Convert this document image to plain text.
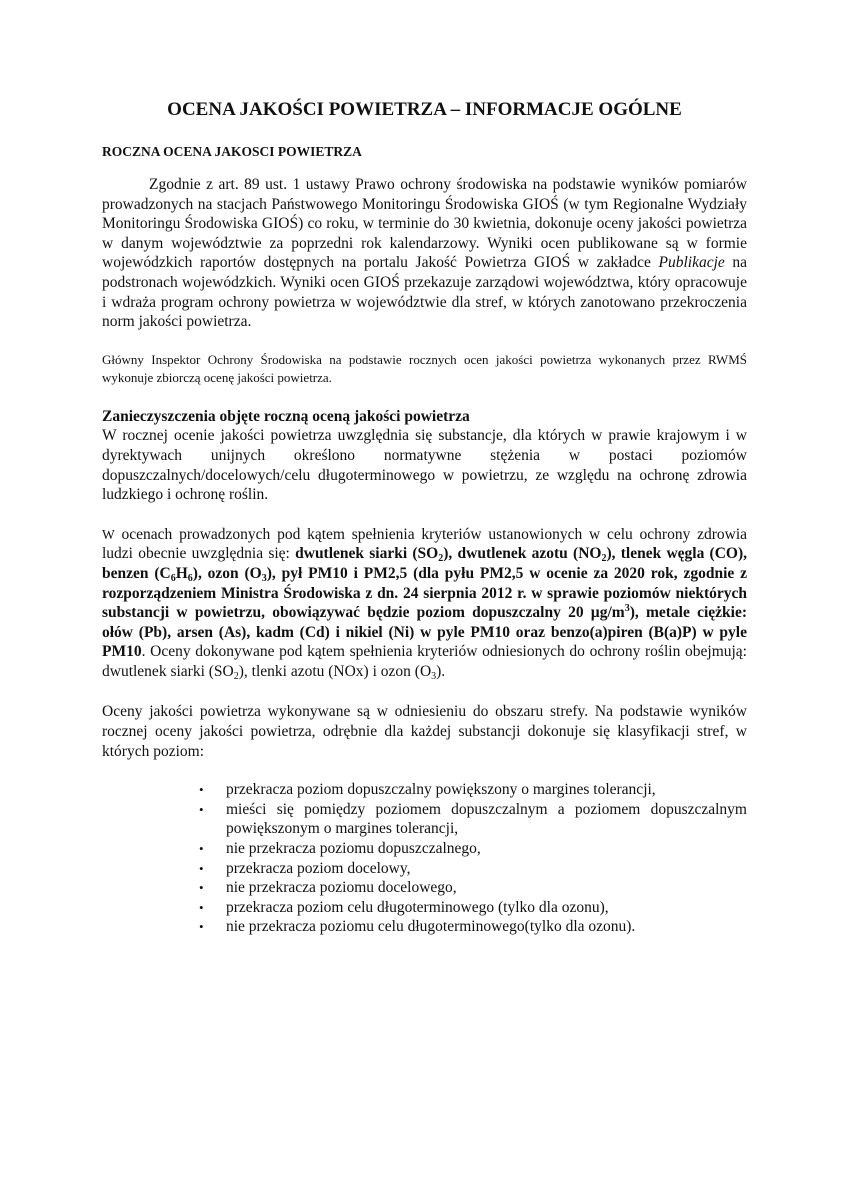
OCENA JAKOŚCI POWIETRZA – INFORMACJE OGÓLNE
ROCZNA OCENA JAKOSCI POWIETRZA

Zgodnie z art. 89 ust. 1 ustawy Prawo ochrony środowiska na podstawie wyników pomiarów prowadzonych na stacjach Państwowego Monitoringu Środowiska GIOŚ (w tym Regionalne Wydziały Monitoringu Środowiska GIOŚ) co roku, w terminie do 30 kwietnia, dokonuje oceny jakości powietrza w danym województwie za poprzedni rok kalendarzowy. Wyniki ocen publikowane są w formie wojewódzkich raportów dostępnych na portalu Jakość Powietrza GIOŚ w zakładce Publikacje na podstronach wojewódzkich. Wyniki ocen GIOŚ przekazuje zarządowi województwa, który opracowuje i wdraża program ochrony powietrza w województwie dla stref, w których zanotowano przekroczenia norm jakości powietrza.

Główny Inspektor Ochrony Środowiska na podstawie rocznych ocen jakości powietrza wykonanych przez RWMŚ wykonuje zbiorczą ocenę jakości powietrza.

Zanieczyszczenia objęte roczną oceną jakości powietrza

W rocznej ocenie jakości powietrza uwzględnia się substancje, dla których w prawie krajowym i w dyrektywach unijnych określono normatywne stężenia w postaci poziomów dopuszczalnych/docelowych/celu długoterminowego w powietrzu, ze względu na ochronę zdrowia ludzkiego i ochronę roślin.

W ocenach prowadzonych pod kątem spełnienia kryteriów ustanowionych w celu ochrony zdrowia ludzi obecnie uwzględnia się: dwutlenek siarki $(SO_2)$, dwutlenek azotu $(NO_2)$, tlenek węgla (CO), benzen $(C_6H_6)$, ozon $(O_3)$, pył PM10 i PM2,5 (dla pyłu PM2,5 w ocenie za 2020 rok, zgodnie z rozporządzeniem Ministra Środowiska z dn. 24 sierpnia 2012 r. w sprawie poziomów niektórych substancji w powietrzu, obowiązywać będzie poziom dopuszczalny 20 $\mu g/m^3$), metale ciężkie: ołów (Pb), arsen (As), kadm (Cd) i nikiel (Ni) w pyle PM10 oraz benzo(a)piren (B(a)P) w pyle PM10. Oceny dokonywane pod kątem spełnienia kryteriów odniesionych do ochrony roślin obejmują: dwutlenek siarki $(SO_2)$, tlenki azotu (NOx) i ozon $(O_3)$.

Oceny jakości powietrza wykonywane są w odniesieniu do obszaru strefy. Na podstawie wyników rocznej oceny jakości powietrza, odrębnie dla każdej substancji dokonuje się klasyfikacji stref, w których poziom:

• przekracza poziom dopuszczalny powiększony o margines tolerancji,
• mieści się pomiędzy poziomem dopuszczalnym a poziomem dopuszczalnym powiększonym o margines tolerancji,
• nie przekracza poziomu dopuszczalnego,
• przekracza poziom docelowy,
• nie przekracza poziomu docelowego,
• przekracza poziom celu długoterminowego (tylko dla ozonu),
• nie przekracza poziomu celu długoterminowego(tylko dla ozonu).
